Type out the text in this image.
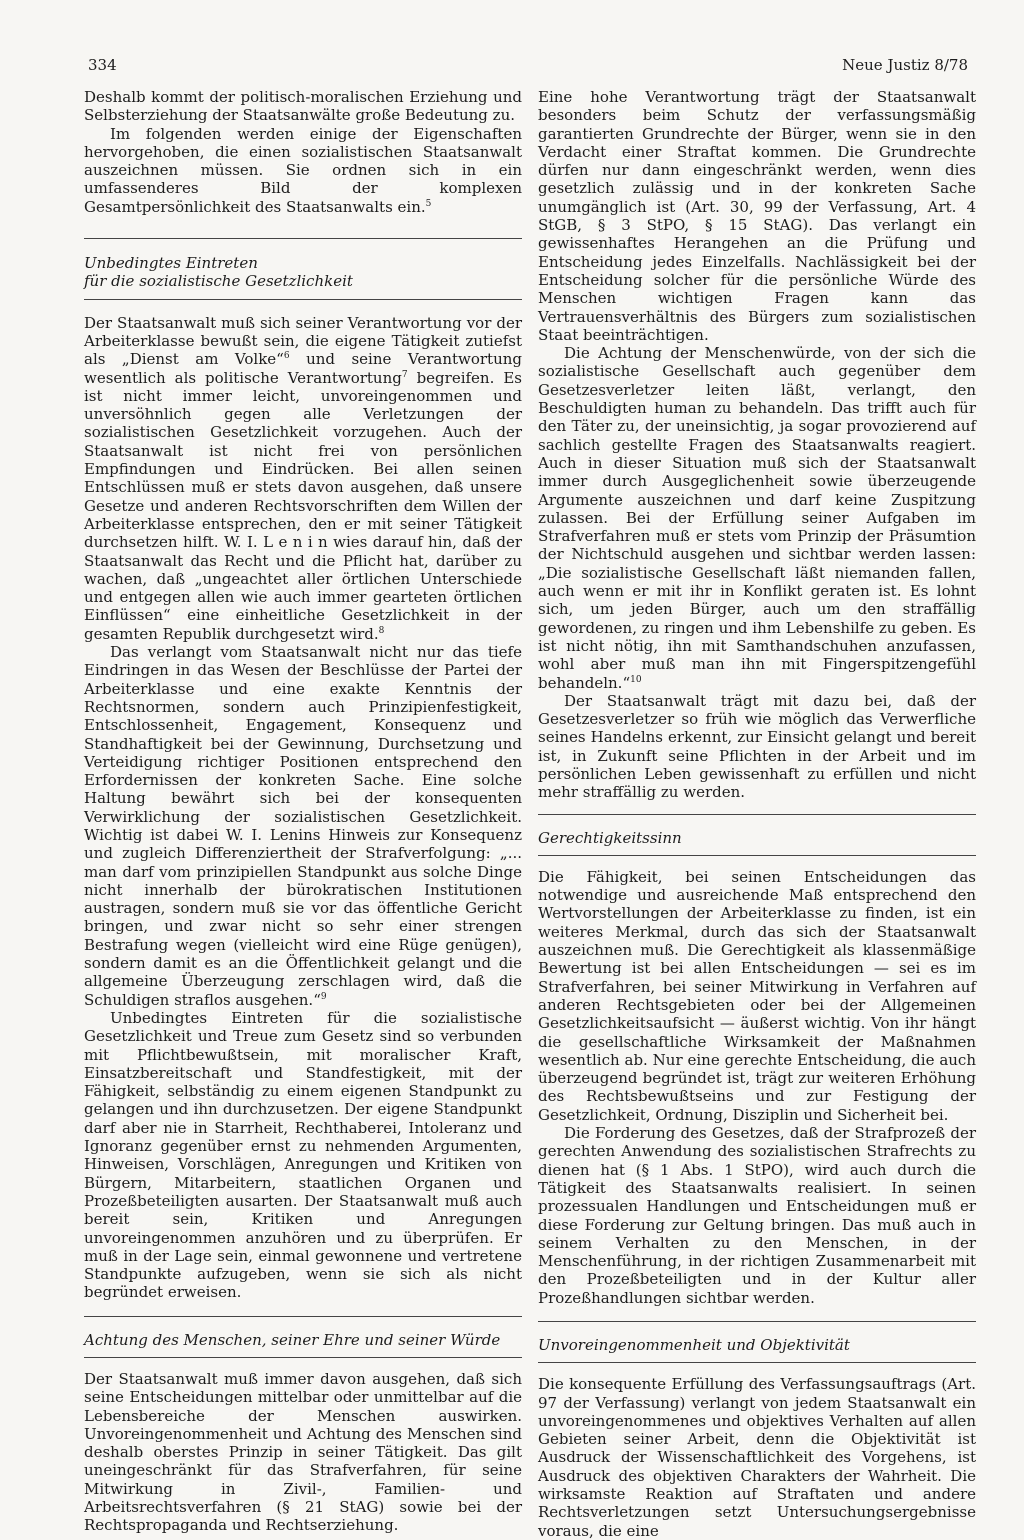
334	Neue Justiz 8/78

Deshalb kommt der politisch-moralischen Erziehung und Selbsterziehung der Staatsanwälte große Bedeutung zu.

Im folgenden werden einige der Eigenschaften hervorgehoben, die einen sozialistischen Staatsanwalt auszeichnen müssen. Sie ordnen sich in ein umfassenderes Bild der komplexen Gesamtpersönlichkeit des Staatsanwalts ein.$^5$

Unbedingtes Eintreten
für die sozialistische Gesetzlichkeit

Der Staatsanwalt muß sich seiner Verantwortung vor der Arbeiterklasse bewußt sein, die eigene Tätigkeit zutiefst als „Dienst am Volke“$^6$ und seine Verantwortung wesentlich als politische Verantwortung$^7$ begreifen. Es ist nicht immer leicht, unvoreingenommen und unversöhnlich gegen alle Verletzungen der sozialistischen Gesetzlichkeit vorzugehen. Auch der Staatsanwalt ist nicht frei von persönlichen Empfindungen und Eindrücken. Bei allen seinen Entschlüssen muß er stets davon ausgehen, daß unsere Gesetze und anderen Rechtsvorschriften dem Willen der Arbeiterklasse entsprechen, den er mit seiner Tätigkeit durchsetzen hilft. W. I. L e n i n wies darauf hin, daß der Staatsanwalt das Recht und die Pflicht hat, darüber zu wachen, daß „ungeachtet aller örtlichen Unterschiede und entgegen allen wie auch immer gearteten örtlichen Einflüssen“ eine einheitliche Gesetzlichkeit in der gesamten Republik durchgesetzt wird.$^8$

Das verlangt vom Staatsanwalt nicht nur das tiefe Eindringen in das Wesen der Beschlüsse der Partei der Arbeiterklasse und eine exakte Kenntnis der Rechtsnormen, sondern auch Prinzipienfestigkeit, Entschlossenheit, Engagement, Konsequenz und Standhaftigkeit bei der Gewinnung, Durchsetzung und Verteidigung richtiger Positionen entsprechend den Erfordernissen der konkreten Sache. Eine solche Haltung bewährt sich bei der konsequenten Verwirklichung der sozialistischen Gesetzlichkeit. Wichtig ist dabei W. I. Lenins Hinweis zur Konsequenz und zugleich Differenziertheit der Strafverfolgung: „... man darf vom prinzipiellen Standpunkt aus solche Dinge nicht innerhalb der bürokratischen Institutionen austragen, sondern muß sie vor das öffentliche Gericht bringen, und zwar nicht so sehr einer strengen Bestrafung wegen (vielleicht wird eine Rüge genügen), sondern damit es an die Öffentlichkeit gelangt und die allgemeine Überzeugung zerschlagen wird, daß die Schuldigen straflos ausgehen.“$^9$

Unbedingtes Eintreten für die sozialistische Gesetzlichkeit und Treue zum Gesetz sind so verbunden mit Pflichtbewußtsein, mit moralischer Kraft, Einsatzbereitschaft und Standfestigkeit, mit der Fähigkeit, selbständig zu einem eigenen Standpunkt zu gelangen und ihn durchzusetzen. Der eigene Standpunkt darf aber nie in Starrheit, Rechthaberei, Intoleranz und Ignoranz gegenüber ernst zu nehmenden Argumenten, Hinweisen, Vorschlägen, Anregungen und Kritiken von Bürgern, Mitarbeitern, staatlichen Organen und Prozeßbeteiligten ausarten. Der Staatsanwalt muß auch bereit sein, Kritiken und Anregungen unvoreingenommen anzuhören und zu überprüfen. Er muß in der Lage sein, einmal gewonnene und vertretene Standpunkte aufzugeben, wenn sie sich als nicht begründet erweisen.

Achtung des Menschen, seiner Ehre und seiner Würde

Der Staatsanwalt muß immer davon ausgehen, daß sich seine Entscheidungen mittelbar oder unmittelbar auf die Lebensbereiche der Menschen auswirken. Unvoreingenommenheit und Achtung des Menschen sind deshalb oberstes Prinzip in seiner Tätigkeit. Das gilt uneingeschränkt für das Strafverfahren, für seine Mitwirkung in Zivil-, Familien- und Arbeitsrechtsverfahren (§ 21 StAG) sowie bei der Rechtspropaganda und Rechtserziehung.

Eine hohe Verantwortung trägt der Staatsanwalt besonders beim Schutz der verfassungsmäßig garantierten Grundrechte der Bürger, wenn sie in den Verdacht einer Straftat kommen. Die Grundrechte dürfen nur dann eingeschränkt werden, wenn dies gesetzlich zulässig und in der konkreten Sache unumgänglich ist (Art. 30, 99 der Verfassung, Art. 4 StGB, § 3 StPO, § 15 StAG). Das verlangt ein gewissenhaftes Herangehen an die Prüfung und Entscheidung jedes Einzelfalls. Nachlässigkeit bei der Entscheidung solcher für die persönliche Würde des Menschen wichtigen Fragen kann das Vertrauensverhältnis des Bürgers zum sozialistischen Staat beeinträchtigen.

Die Achtung der Menschenwürde, von der sich die sozialistische Gesellschaft auch gegenüber dem Gesetzesverletzer leiten läßt, verlangt, den Beschuldigten human zu behandeln. Das trifft auch für den Täter zu, der uneinsichtig, ja sogar provozierend auf sachlich gestellte Fragen des Staatsanwalts reagiert. Auch in dieser Situation muß sich der Staatsanwalt immer durch Ausgeglichenheit sowie überzeugende Argumente auszeichnen und darf keine Zuspitzung zulassen. Bei der Erfüllung seiner Aufgaben im Strafverfahren muß er stets vom Prinzip der Präsumtion der Nichtschuld ausgehen und sichtbar werden lassen: „Die sozialistische Gesellschaft läßt niemanden fallen, auch wenn er mit ihr in Konflikt geraten ist. Es lohnt sich, um jeden Bürger, auch um den straffällig gewordenen, zu ringen und ihm Lebenshilfe zu geben. Es ist nicht nötig, ihn mit Samthandschuhen anzufassen, wohl aber muß man ihn mit Fingerspitzengefühl behandeln.“$^{10}$

Der Staatsanwalt trägt mit dazu bei, daß der Gesetzesverletzer so früh wie möglich das Verwerfliche seines Handelns erkennt, zur Einsicht gelangt und bereit ist, in Zukunft seine Pflichten in der Arbeit und im persönlichen Leben gewissenhaft zu erfüllen und nicht mehr straffällig zu werden.

Gerechtigkeitssinn

Die Fähigkeit, bei seinen Entscheidungen das notwendige und ausreichende Maß entsprechend den Wertvorstellungen der Arbeiterklasse zu finden, ist ein weiteres Merkmal, durch das sich der Staatsanwalt auszeichnen muß. Die Gerechtigkeit als klassenmäßige Bewertung ist bei allen Entscheidungen — sei es im Strafverfahren, bei seiner Mitwirkung in Verfahren auf anderen Rechtsgebieten oder bei der Allgemeinen Gesetzlichkeitsaufsicht — äußerst wichtig. Von ihr hängt die gesellschaftliche Wirksamkeit der Maßnahmen wesentlich ab. Nur eine gerechte Entscheidung, die auch überzeugend begründet ist, trägt zur weiteren Erhöhung des Rechtsbewußtseins und zur Festigung der Gesetzlichkeit, Ordnung, Disziplin und Sicherheit bei.

Die Forderung des Gesetzes, daß der Strafprozeß der gerechten Anwendung des sozialistischen Strafrechts zu dienen hat (§ 1 Abs. 1 StPO), wird auch durch die Tätigkeit des Staatsanwalts realisiert. In seinen prozessualen Handlungen und Entscheidungen muß er diese Forderung zur Geltung bringen. Das muß auch in seinem Verhalten zu den Menschen, in der Menschenführung, in der richtigen Zusammenarbeit mit den Prozeßbeteiligten und in der Kultur aller Prozeßhandlungen sichtbar werden.

Unvoreingenommenheit und Objektivität

Die konsequente Erfüllung des Verfassungsauftrags (Art. 97 der Verfassung) verlangt von jedem Staatsanwalt ein unvoreingenommenes und objektives Verhalten auf allen Gebieten seiner Arbeit, denn die Objektivität ist Ausdruck der Wissenschaftlichkeit des Vorgehens, ist Ausdruck des objektiven Charakters der Wahrheit. Die wirksamste Reaktion auf Straftaten und andere Rechtsverletzungen setzt Untersuchungsergebnisse voraus, die eine
